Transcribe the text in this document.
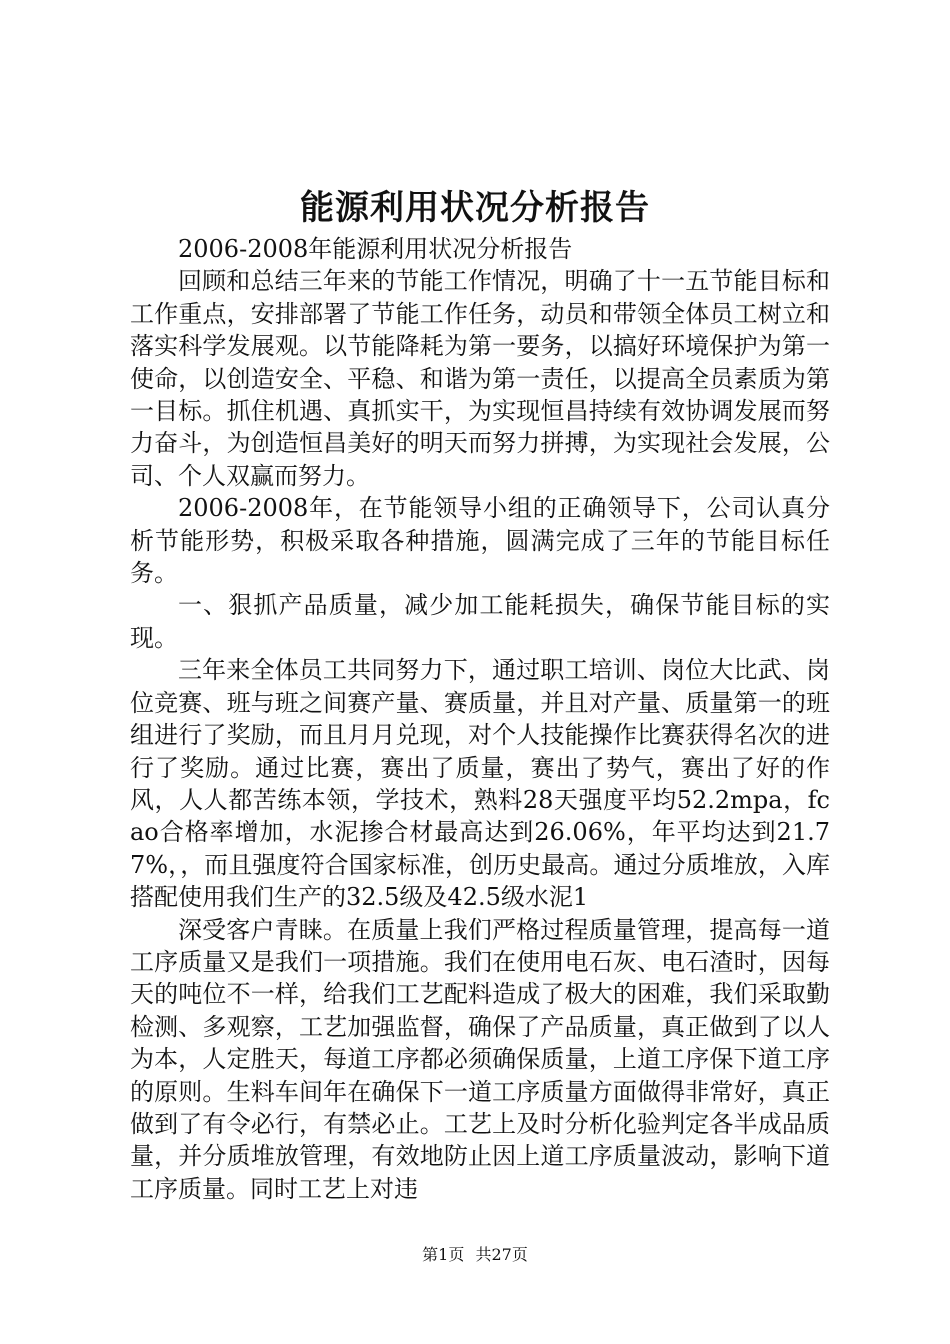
能源利用状况分析报告

2006-2008年能源利用状况分析报告

回顾和总结三年来的节能工作情况，明确了十一五节能目标和工作重点，安排部署了节能工作任务，动员和带领全体员工树立和落实科学发展观。以节能降耗为第一要务，以搞好环境保护为第一使命，以创造安全、平稳、和谐为第一责任，以提高全员素质为第一目标。抓住机遇、真抓实干，为实现恒昌持续有效协调发展而努力奋斗，为创造恒昌美好的明天而努力拼搏，为实现社会发展，公司、个人双赢而努力。

2006-2008年，在节能领导小组的正确领导下，公司认真分析节能形势，积极采取各种措施，圆满完成了三年的节能目标任务。

一、狠抓产品质量，减少加工能耗损失，确保节能目标的实现。

三年来全体员工共同努力下，通过职工培训、岗位大比武、岗位竞赛、班与班之间赛产量、赛质量，并且对产量、质量第一的班组进行了奖励，而且月月兑现，对个人技能操作比赛获得名次的进行了奖励。通过比赛，赛出了质量，赛出了势气，赛出了好的作风，人人都苦练本领，学技术，熟料28天强度平均52.2mpa，fcao合格率增加，水泥掺合材最高达到26.06%，年平均达到21.77%，，而且强度符合国家标准，创历史最高。通过分质堆放，入库搭配使用我们生产的32.5级及42.5级水泥1

深受客户青睐。在质量上我们严格过程质量管理，提高每一道工序质量又是我们一项措施。我们在使用电石灰、电石渣时，因每天的吨位不一样，给我们工艺配料造成了极大的困难，我们采取勤检测、多观察，工艺加强监督，确保了产品质量，真正做到了以人为本，人定胜天，每道工序都必须确保质量，上道工序保下道工序的原则。生料车间年在确保下一道工序质量方面做得非常好，真正做到了有令必行，有禁必止。工艺上及时分析化验判定各半成品质量，并分质堆放管理，有效地防止因上道工序质量波动，影响下道工序质量。同时工艺上对违

第1页 共27页
